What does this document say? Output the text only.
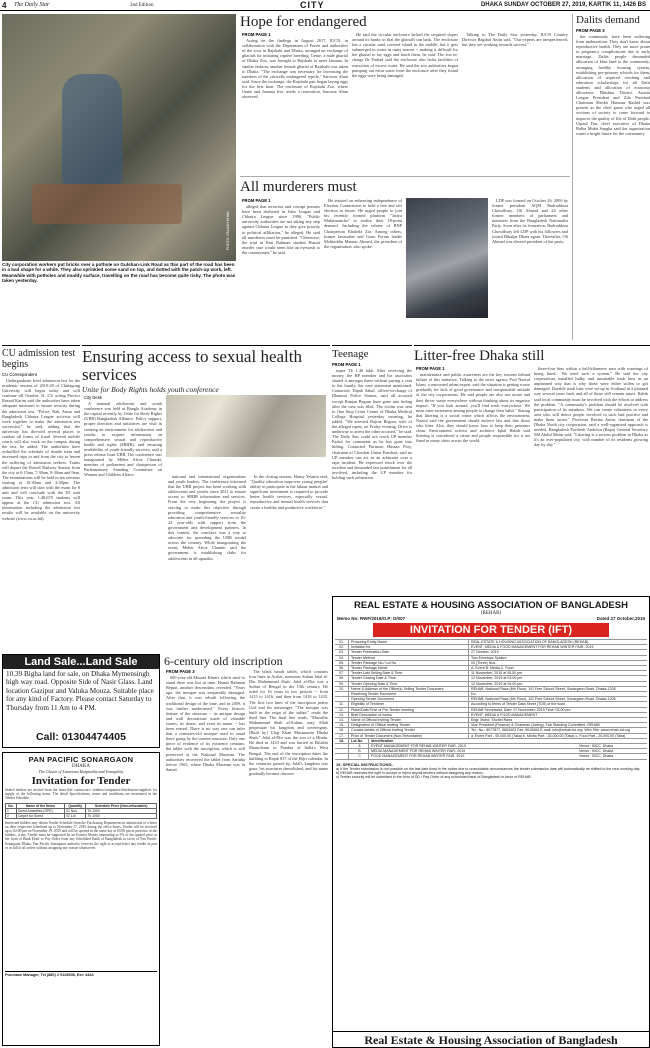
4 The Daily Star	2nd Edition	CITY	DHAKA SUNDAY OCTOBER 27, 2019, KARTIK 11, 1426 BS
PHOTO: PALASH KHAN
City corporation workers put bricks over a pothole on Gulshan-Link Road as this part of the road has been in a bad shape for a while. They also sprinkled some sand on top, and dotted with the patch-up work, left. Meanwhile with potholes and muddy surface, travelling on the road has become quite risky. The photo was taken yesterday.
Hope for endangered
FROM PAGE 1

Acting on the findings in August 2017, IUCN, in collaboration with the Department of Forest and authorities of the zoos in Rajshahi and Dhaka, arranged an exchange of gharials for initiating captive breeding. Genie, a male gharial of Dhaka Zoo, was brought to Rajshahi to meet Jamuna. In similar fashion, another female gharial of Rajshahi was taken to Dhaka. "The exchange was necessary for increasing the numbers of the critically endangered reptile," Sarowar Alam said. Since the exchange, the Rajshahi pair began laying eggs for the first time. The enclosure of Rajshahi Zoo, where Genie and Jamuna live, needs a renovation, Sarowar Alam observed.

He said the circular enclosure lacked the required slopes around its banks so that the gharials can bask. The enclosure has a circular sand covered island in the middle, but it gets submerged in water in rainy season -- making it difficult for the gharial to lay eggs and hatch them, he said. The zoo in-charge Dr Farhad said the enclosure also lacks facilities of extraction of excess water. He said the zoo authorities began pumping out extra water from the enclosure after they found the eggs were being damaged.

Talking to The Daily Star yesterday, IUCN Country Director Ragibul Amin said, "Our experts are inexperienced, but they are working towards success."

Dalits demand
FROM PAGE 3

the community have been suffering from malnutrition. They don't know about reproductive health. They are more prone to pregnancy complications due to early marriage. Dalits people demanded allocation of khas land to the community, arranging healthy housing system, establishing pre-primary schools for them, allocation of required cinching and education scholarships for all Dalit students and allocation of economy allowance. Bhishna District Awami League President and Zila Parishad Chairman Sheikh Harunur Rashid was present as the chief guest who urged all sections of society to come forward to improve the quality of life of Dalit people. Utpaul Das, chief executive of Dhaka Bidba Mukti Sangha said the organisation wants a bright future for the community.

All murderers must
FROM PAGE 1

alleged that terrorists and corrupt persons have been sheltered in Jubo League and Chhatra League since 1996. "Public university authorities are not taking any step against Chhatra League as they give priority to political affiliation," he alleged. He said all murderers must be punished. "Otherwise, the trial in Ruti Rahman student Husnit murder case would seem like an eyewash to the countrymen," he said.

He insisted on enhancing independence of Election Commission to hold a free and fair election in future. He urged people to join his recently formed platform "Jatiya Muktimancha" to realise their 18-point demand. Including the release of BNP Chairperson Khaleda Zia. Among others, former lawmaker and Gono Forum leader Mohiuddin Mansur Ahmed, the president of the organisation, also spoke.

LDP was formed on October 26, 2006 by former president AQM Badruddoza Chowdhury, Oli Ahmad and 24 other former members of parliament and ministers from the Bangladesh Nationalist Party. Soon after its formation, Badruddoza Chowdhury left LDP with his followers and joined Bikalpa Dhara again. Thereafter, Oli Ahmad was elected president of the party.

CU admission test begins
CU Correspondent

Undergraduate level admission test for the academic session of 2019-20 of Chittagong University will begin today and will continue till October 31. CU acting Proctor Rezaul Karim said the authorities have taken adequate measures to ensure security during the admission test. "Police, Rab, Ansar and Bangladesh Chhatra League activists will work together to make the admission test successful," he said, adding that the university has directed several places to combat all forms of fraud. Several mobile courts will also work on the campus during the test, he added. The authorities have reshuffled the schedule of shuttle train and increased trips to and from the city to lessen the suffering of admission seekers. Trains will depart the Botodi Railway Station from the city at 6:15am, 7:30am, 8:30am and 9am. The examinations will be held in ten sessions starting at 10:30am and 2:30pm. The admission tests will start with the exam for 8 unit and will conclude with the D1 unit exam. This year, 1,48,670 students will appear at the CU admission test. All information including the admission test results will be available on the university website (www.cu.ac.bd).

Ensuring access to sexual health services
Unite for Body Rights holds youth conference
City Desk

A national adolescent and youth conference was held at Bangla Academy in the capital recently by Unite for Body Rights (UBR) Bangladesh Alliance. Policy support, proper direction and initiatives are vital in creating an environment for adolescents and youths to acquire information on comprehensive sexual and reproductive health and rights (SRHR), and ensuring availability of youth-friendly services, said a press release from UBR. The conference was inaugurated by Meher Afroz Chumki, member of parliament and chairperson of Parliamentary Standing Committee on Women and Children Affairs.	national and international organisations and youth leaders. The conference informed that the UBR project has been working with adolescents and youths since 2011 to ensure access to SRHR information and services. From the very beginning, the project is striving to make this objective through providing comprehensive sexuality education and youth-friendly services to 10-24 year-olds with support from the government and development partners. In this context, the conclave was a way to advocate for spreading the UBR model across the country. While inaugurating the event, Meher Afroz Chumki said the government is establishing clubs for adolescents in all upazilas.

In the closing session, Hasny Yesmin said, "Quality education improves young peoples' ability to participate in the labour market and significant investment is required to provide better health services, especially sexual, reproductive and mental health services that create a healthy and productive workforce."

Teenage
FROM PAGE 1

rupee Tk 1.46 lakh. After receiving the money, the HP member and his associates shared it amongst them without paying a cent to the family, the case statement mentioned. Contacted, Dipak Sahal, officer-in-charge of Dhamrai Police Station, said all accused except Ranjan Begum have gone into hiding after the case was filed. The victim was sent to One Stop Crisis Centre of Dhaka Medical College Hospital yesterday morning, he added. "We arrested Rojina Begum, wife of the alleged rapist, on Friday evening. Drive is underway to arrest the other accused," he said. The Daily Star could not reach UP member Fazlul for comments as he has gone into hiding. Contacted Purinom Hassan Proy, chairman of Chowhat Union Parishad, said no UP member can act as an arbitrator over a rape incident. He expressed shock over the incident and demanded fast punishment for all involved, including the UP member for holding such arbitration.

Litter-free Dhaka still
FROM PAGE 1

maintenance and public awareness are the key reasons behind failure of this initiative. Talking to the news agency Prof Nazrul Islam, a renowned urban expert, said the situation is getting worse gradually for lack of good governance and irresponsible attitude of the city corporations. He said people are also not aware and they throw waste everywhere without thinking about its negative impact. "If you look around, you'll find trash everywhere. We must raise awareness among people to change their habit." Stating that littering is a social crime which affects the environment, Nazrul said the government should enforce law and fine those who litter. Also, they should know how to keep their premises clean. Environment activist and architect Iqbal Habib said littering is considered a crime and people responsible for it are fined in many cities across the world.

three-four bins within a half-kilometre area with warnings of being fined... We need such a system." He said the city corporations installed bulky and unsuitable trash bins in an unplanned way that is why those were either stolen or got damaged. Durable trash bins were set up in Scotland in a planned way several years back and all of those still remain intact. Habib said local community must be involved with the efforts to address the problem. "A community's problem should be resolved with participation of its members. We can create volunteers in every area who will detect people involved in such bad practice and make them aware." Professor Rezina Amin, chairman of the Dhaka North city corporation, said a well-organised approach is needed. Bangladesh Poribesh Andolon (Bapa) General Secretary Md Abdul Matin said, "Littering is a serious problem in Dhaka as it's an over-populated city, with number of its residents growing day by day."

Land Sale...Land Sale
10.39 Bigha land for sale, on Dhaka Mymensingh high way road. Opposite Side of Nasir Glass. Land location Gazipur and Valuka Mouza. Suitable place for any kind of Factory. Please contact Saturday to Thursday from 11 Am to 4 PM.
Call: 01304474405
PAN PACIFIC SONARGAON
DHAKA
The Classic of Luxurious Hospitality and Tranquility
Invitation for Tender
Sealed tenders are invited from the bona-fide contractors/ vendors/companies/distributors/suppliers for supply of the following items. The detail Specifications, terms and conditions are mentioned in the Tender Schedule.
No.	Name of the Items	Quantity	Schedule Price (Non-refundable)
1	Guest Amenities (OPE)	01 Nos	Tk 1000
2	Carpet for Guest	01 Lot	Tk 1000
Interested bidders may obtain Tender Schedule from the Purchasing Department on submission of a letter on their respective letterhead up to November 17, 2019 during the office hours. Tender will be received up to 02:00 pm on November 19, 2019 and will be opened in the same day at 03:00 pm in presence of the bidders, if any. Tender must be supported by an Earnest Money amounting to 5% of the quoted price in the form of Bank Draft or Pay Order from any Scheduled Bank of Bangladesh in favor of Pan Pacific Sonargaon Dhaka. Pan Pacific Sonargaon authority reserves the right to accept/reject any tender in part or in full at all orders without assigning any reason whatsoever.
Purchase Manager, Tel (880) 2 9128008, Ext: 4444
6-century old inscription
FROM PAGE 3

600-year-old Musafa Khan's which used to stand there was lost in time. Hamiz Rahman Bepari, another descendant, revealed. "Years ago, the mosque was irreparably damaged. After that, it was rebuilt following the traditional design of the time, and in 2009, it was further modernised." Every historic feature of the structure -- its antique design and wall decorations made of valuable stones, its dome, and even its name -- has been erased. There is no way one can infer that a centuries-old mosque used to stand there going by the current structure. Only one piece of evidence of its existence remains: the tablet with the inscription, which is still preserved at the National Museum. The authorities recovered the tablet from Saradia before 1965, where Dhaka Museum was in Sanad.

The black basalt tablet, which contains four lines in Arabic, mentions Sultan Jalal al-Din Muhammad Shah. Jalal al-Din was a Sultan of Bengal in the 15th century. He ruled for 16 years in two periods -- from 1415 to 1416, and then from 1418 to 1433. The first two lines of the inscription praise God and his messenger. "The mosque was built in the reign of the sultan," reads the third line. The final line reads, "Muzaffar Muhammad Shah al-Sultan, may Allah perpetuate his kingdom and sovereignty. [Built by] Ulug Khan Musaazzim Dhaka Shah." Jalal al-Din was the son of a Hindu. He died in 1433 and was buried at Eklakhi Mausoleum in Pandua of India's West Bengal. The end of the inscription dates the building to Rajab 837 of the Hijri calendar. In the centuries passed by, Jalal's kingdom was gone, his structures demolished, and his name gradually became obscure.

REAL ESTATE & HOUSING ASSOCIATION OF BANGLADESH
(REHAB)
Memo No: RWF/2019/O.P: D/007	Dated 27 October,2019
INVITATION FOR TENDER (IFT)
01.	Procuring Entity Name	REAL ESTATE & HOUSING ASSOCIATION OF BANGLADESH (REHAB)
02.	Invitation for	EVENT, MEDIA & FOOD MANAGEMENT FOR REHAB WINTER FAIR- 2019
03.	Tender Publication Date	27 October, 2019
04.	Tender Method	Two Envelope System
05.	Tender Package No./ Lot No.	03 (Three) Nos.
06.	Tender Package Name	A. Event B. Media C. Food
07.	Tender Last Selling Date & Time	11 November, 2019 at 05.00 pm
08.	Tender Closing Date & Time	12 November, 2019 at 03.00 pm
09.	Tender Opening Date & Time	12 November, 2019 at 04.00 pm
10.	Name & Address of the Office(s) Selling Tender Document	REHAB, National Plaza (6th Floor), 1/G Free School Street, Sonargaon Road, Dhaka-1205
Receiving Tender Document	Do
Opening Tender Document	REHAB, National Plaza (6th Floor), 1/G Free School Street, Sonargaon Road, Dhaka-1205
11.	Eligibility of Tenderer	According to terms of Tender Data Sheet (TDS) of the work
12.	Place/Date/Time of Pre-Tender meeting	REHAB Secretariat, Date: 07 November, 2019 Time: 03.00 pm
13.	Brief Description of works	EVENT, MEDIA & FOOD MANAGEMENT
14.	Name of Official Inviting Tender	Engr. Mohd. Shohel Rana
15.	Designation of Official Inviting Tender	Vice President (Finance) & Chairman (Acting), Fair Standing Committee, REHAB
16.	Contact details of Official Inviting Tender	Tel.: No.: 8077877, 9663403 Fax: 9610608 E-mail: info@rehab-bd.org, Web Site: www.rehab-bd.org
17.	Price of Tender Document (Non-Refundable)	a. Event Part - 40,000.00 (Taka) b. Media Part - 30,000.00 (Taka) c. Food Part - 20,000.00 (Taka)
18.	Lot No	Identification
A	EVENT MANAGEMENT FOR REHAB WINTER FAIR- 2019	Venue : BICC, Dhaka
B	MEDIA MANAGEMENT FOR REHAB WINTER FAIR- 2019	Venue : BICC, Dhaka
C	FOOD MANAGEMENT FOR REHAB WINTER FAIR- 2019	Venue : BICC, Dhaka
19. SPECIAL INSTRUCTIONS:-
a) If the Tender submission is not possible on the last date fixed in the notice due to unavoidable circumstances the tender submission date will automatically be shifted to the next working day.
b) REHAB reserves the right to accept or reject any/all tenders without assigning any reason.
c) Tender security will be submitted in the form of DD / Pay Order of any scheduled bank of Bangladesh in favor of REHAB.
Real Estate & Housing Association of Bangladesh
